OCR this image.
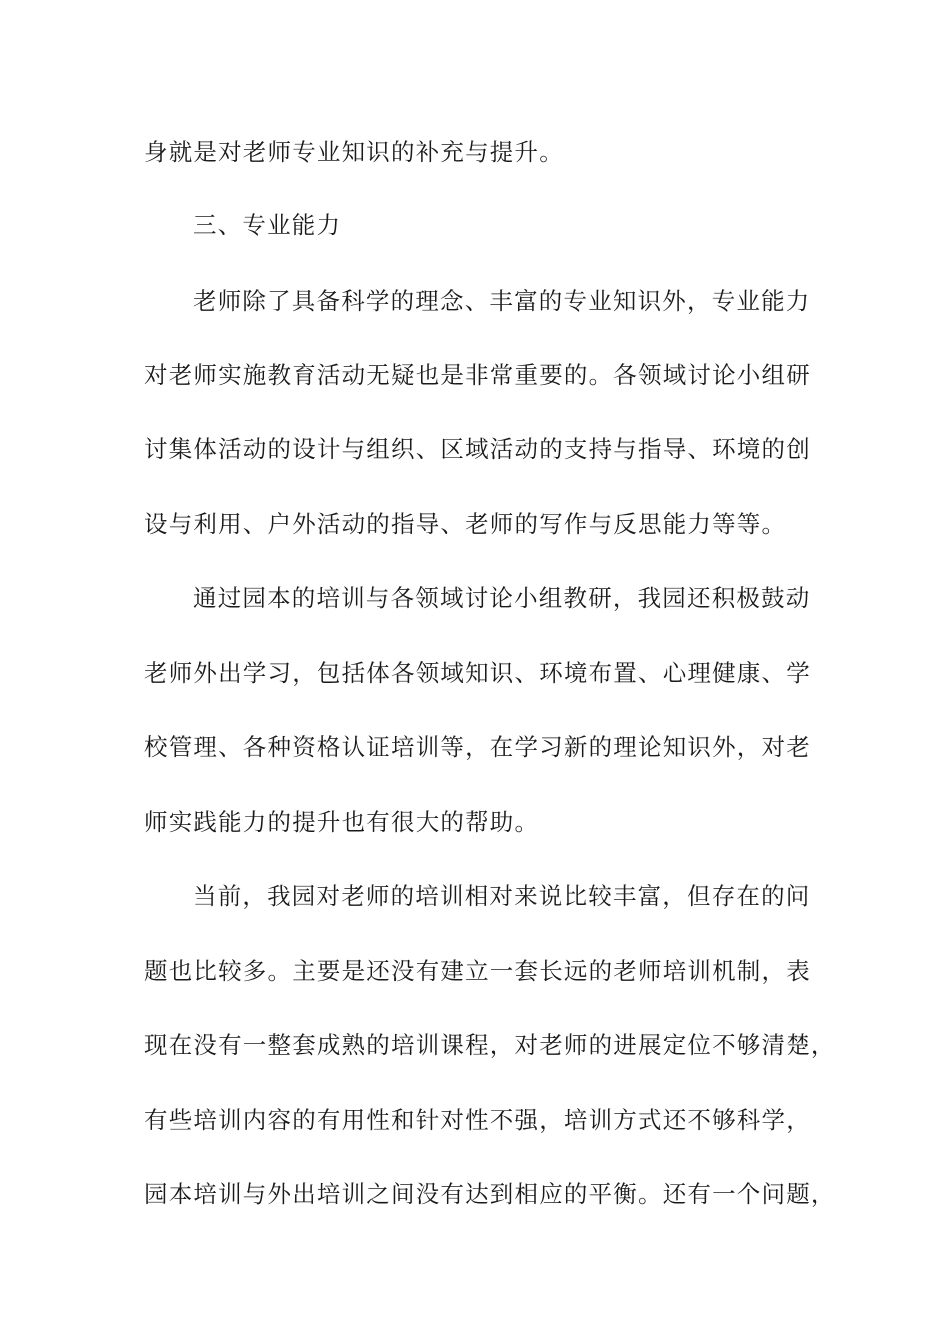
身就是对老师专业知识的补充与提升。
三、专业能力
老师除了具备科学的理念、丰富的专业知识外，专业能力
对老师实施教育活动无疑也是非常重要的。各领域讨论小组研
讨集体活动的设计与组织、区域活动的支持与指导、环境的创
设与利用、户外活动的指导、老师的写作与反思能力等等。
通过园本的培训与各领域讨论小组教研，我园还积极鼓动
老师外出学习，包括体各领域知识、环境布置、心理健康、学
校管理、各种资格认证培训等，在学习新的理论知识外，对老
师实践能力的提升也有很大的帮助。
当前，我园对老师的培训相对来说比较丰富，但存在的问
题也比较多。主要是还没有建立一套长远的老师培训机制，表
现在没有一整套成熟的培训课程，对老师的进展定位不够清楚，
有些培训内容的有用性和针对性不强，培训方式还不够科学，
园本培训与外出培训之间没有达到相应的平衡。还有一个问题，
